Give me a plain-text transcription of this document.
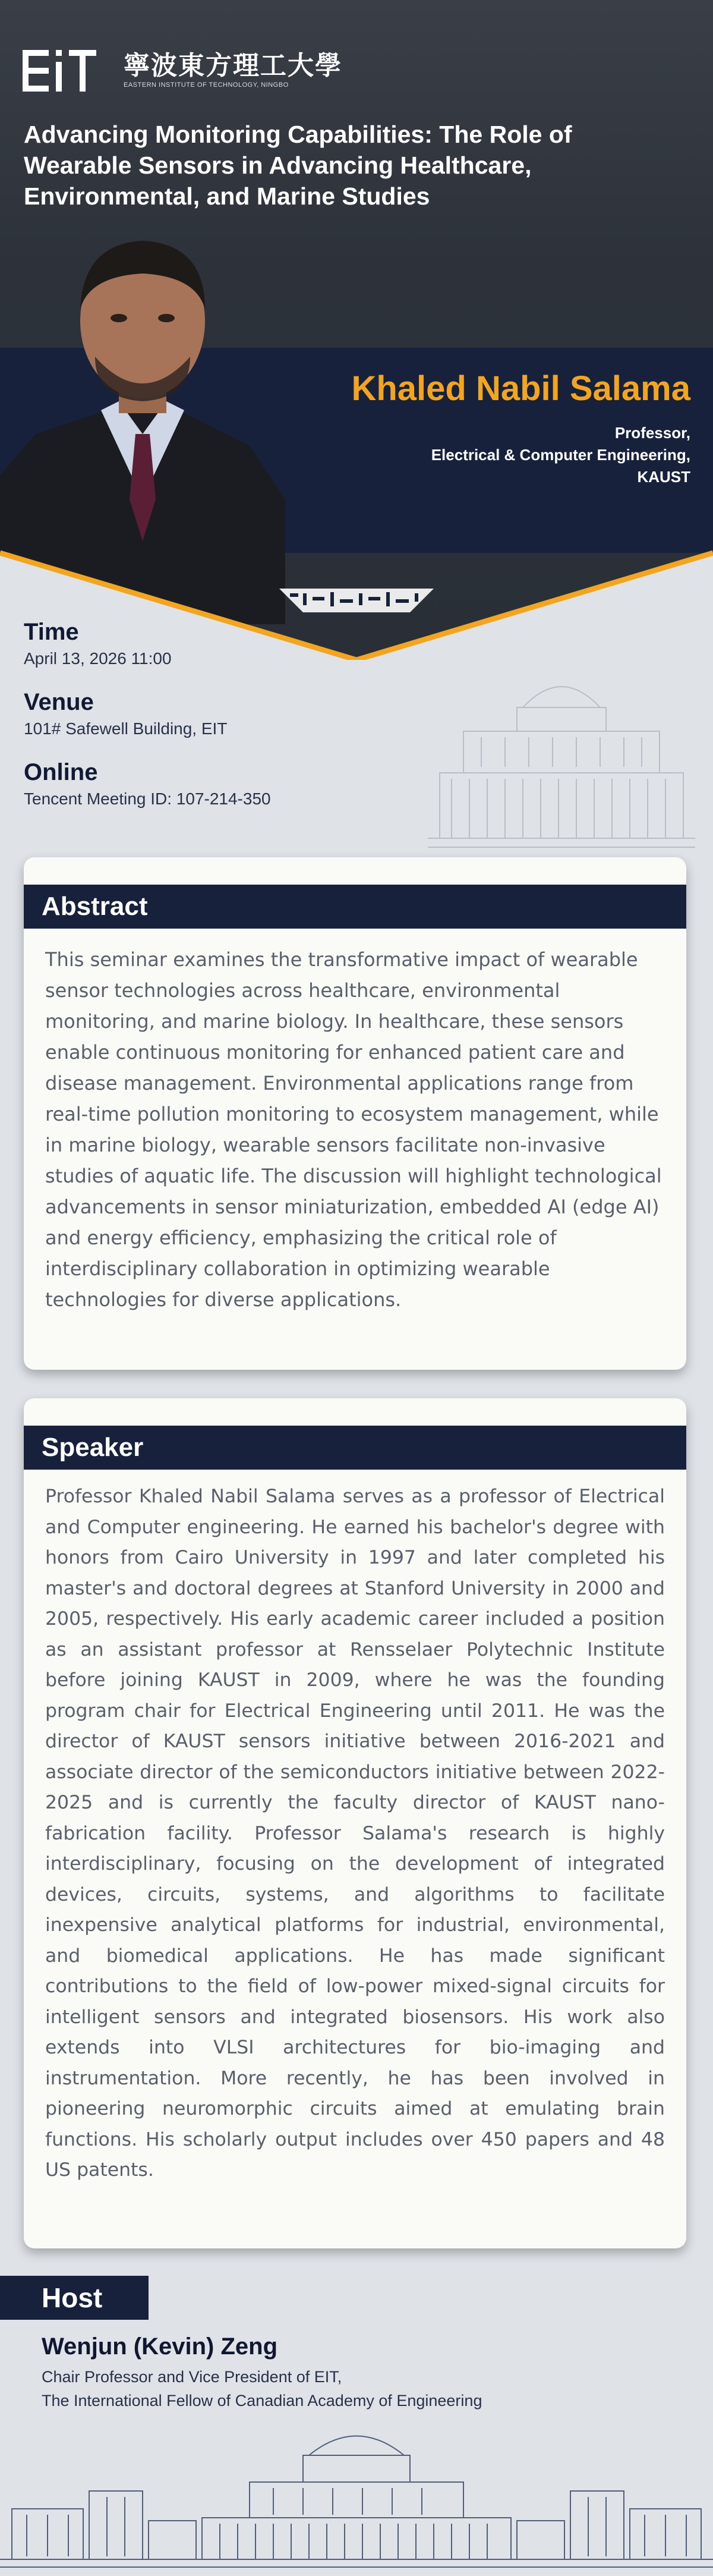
寧波東方理工大學
EASTERN INSTITUTE OF TECHNOLOGY, NINGBO
Advancing Monitoring Capabilities: The Role of Wearable Sensors in Advancing Healthcare, Environmental, and Marine Studies
Khaled Nabil Salama
Professor,
Electrical & Computer Engineering,
KAUST
Time
April 13, 2026 11:00
Venue
101# Safewell Building, EIT
Online
Tencent Meeting ID: 107-214-350
Abstract

This seminar examines the transformative impact of wearable sensor technologies across healthcare, environmental monitoring, and marine biology. In healthcare, these sensors enable continuous monitoring for enhanced patient care and disease management. Environmental applications range from real-time pollution monitoring to ecosystem management, while in marine biology, wearable sensors facilitate non-invasive studies of aquatic life. The discussion will highlight technological advancements in sensor miniaturization, embedded AI (edge AI) and energy efficiency, emphasizing the critical role of interdisciplinary collaboration in optimizing wearable technologies for diverse applications.

Speaker

Professor Khaled Nabil Salama serves as a professor of Electrical and Computer engineering. He earned his bachelor's degree with honors from Cairo University in 1997 and later completed his master's and doctoral degrees at Stanford University in 2000 and 2005, respectively. His early academic career included a position as an assistant professor at Rensselaer Polytechnic Institute before joining KAUST in 2009, where he was the founding program chair for Electrical Engineering until 2011. He was the director of KAUST sensors initiative between 2016-2021 and associate director of the semiconductors initiative between 2022-2025 and is currently the faculty director of KAUST nano-fabrication facility. Professor Salama's research is highly interdisciplinary, focusing on the development of integrated devices, circuits, systems, and algorithms to facilitate inexpensive analytical platforms for industrial, environmental, and biomedical applications. He has made significant contributions to the field of low-power mixed-signal circuits for intelligent sensors and integrated biosensors. His work also extends into VLSI architectures for bio-imaging and instrumentation. More recently, he has been involved in pioneering neuromorphic circuits aimed at emulating brain functions. His scholarly output includes over 450 papers and 48 US patents.

Host
Wenjun (Kevin) Zeng
Chair Professor and Vice President of EIT,
The International Fellow of Canadian Academy of Engineering
